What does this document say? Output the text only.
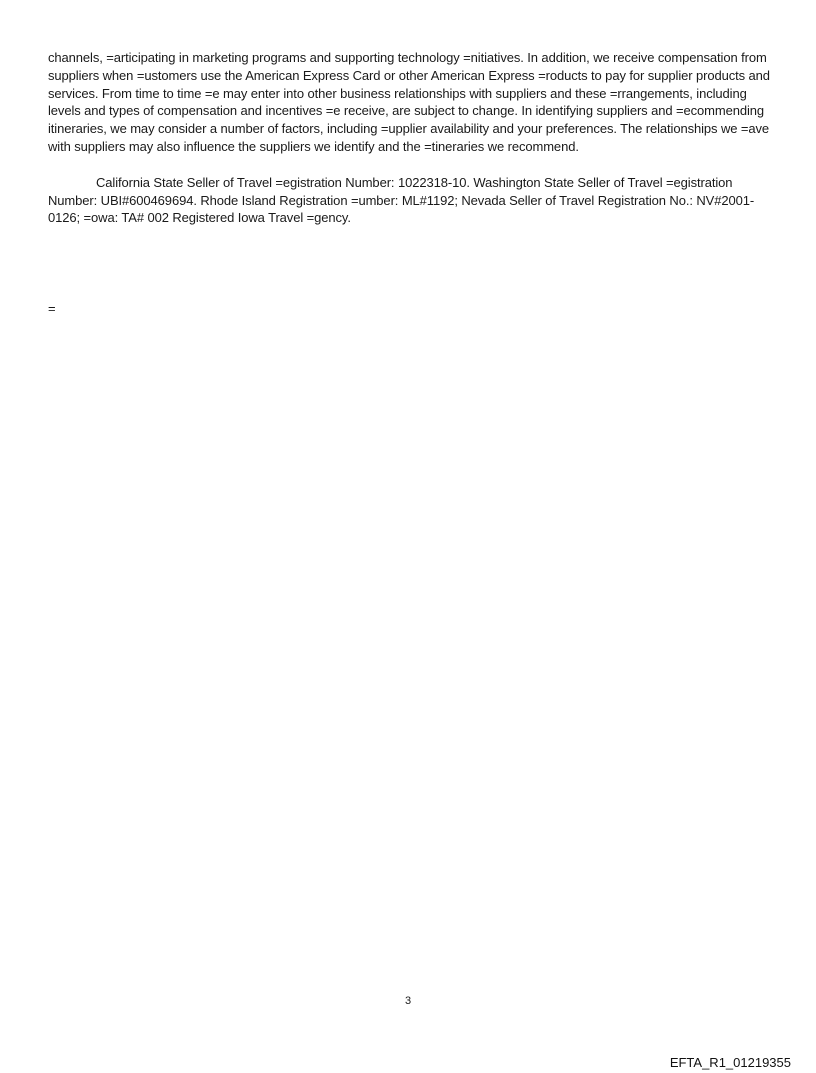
channels, =articipating in marketing programs and supporting technology =nitiatives. In addition, we receive compensation from suppliers when =ustomers use the American Express Card or other American Express =roducts to pay for supplier products and services. From time to time =e may enter into other business relationships with suppliers and these =rrangements, including levels and types of compensation and incentives =e receive, are subject to change. In identifying suppliers and =ecommending itineraries, we may consider a number of factors, including =upplier availability and your preferences. The relationships we =ave with suppliers may also influence the suppliers we identify and the =tineraries we recommend.

California State Seller of Travel =egistration Number: 1022318-10. Washington State Seller of Travel =egistration Number: UBI#600469694. Rhode Island Registration =umber: ML#1192; Nevada Seller of Travel Registration No.: NV#2001-0126; =owa: TA# 002 Registered Iowa Travel =gency.

=
3
EFTA_R1_01219355
